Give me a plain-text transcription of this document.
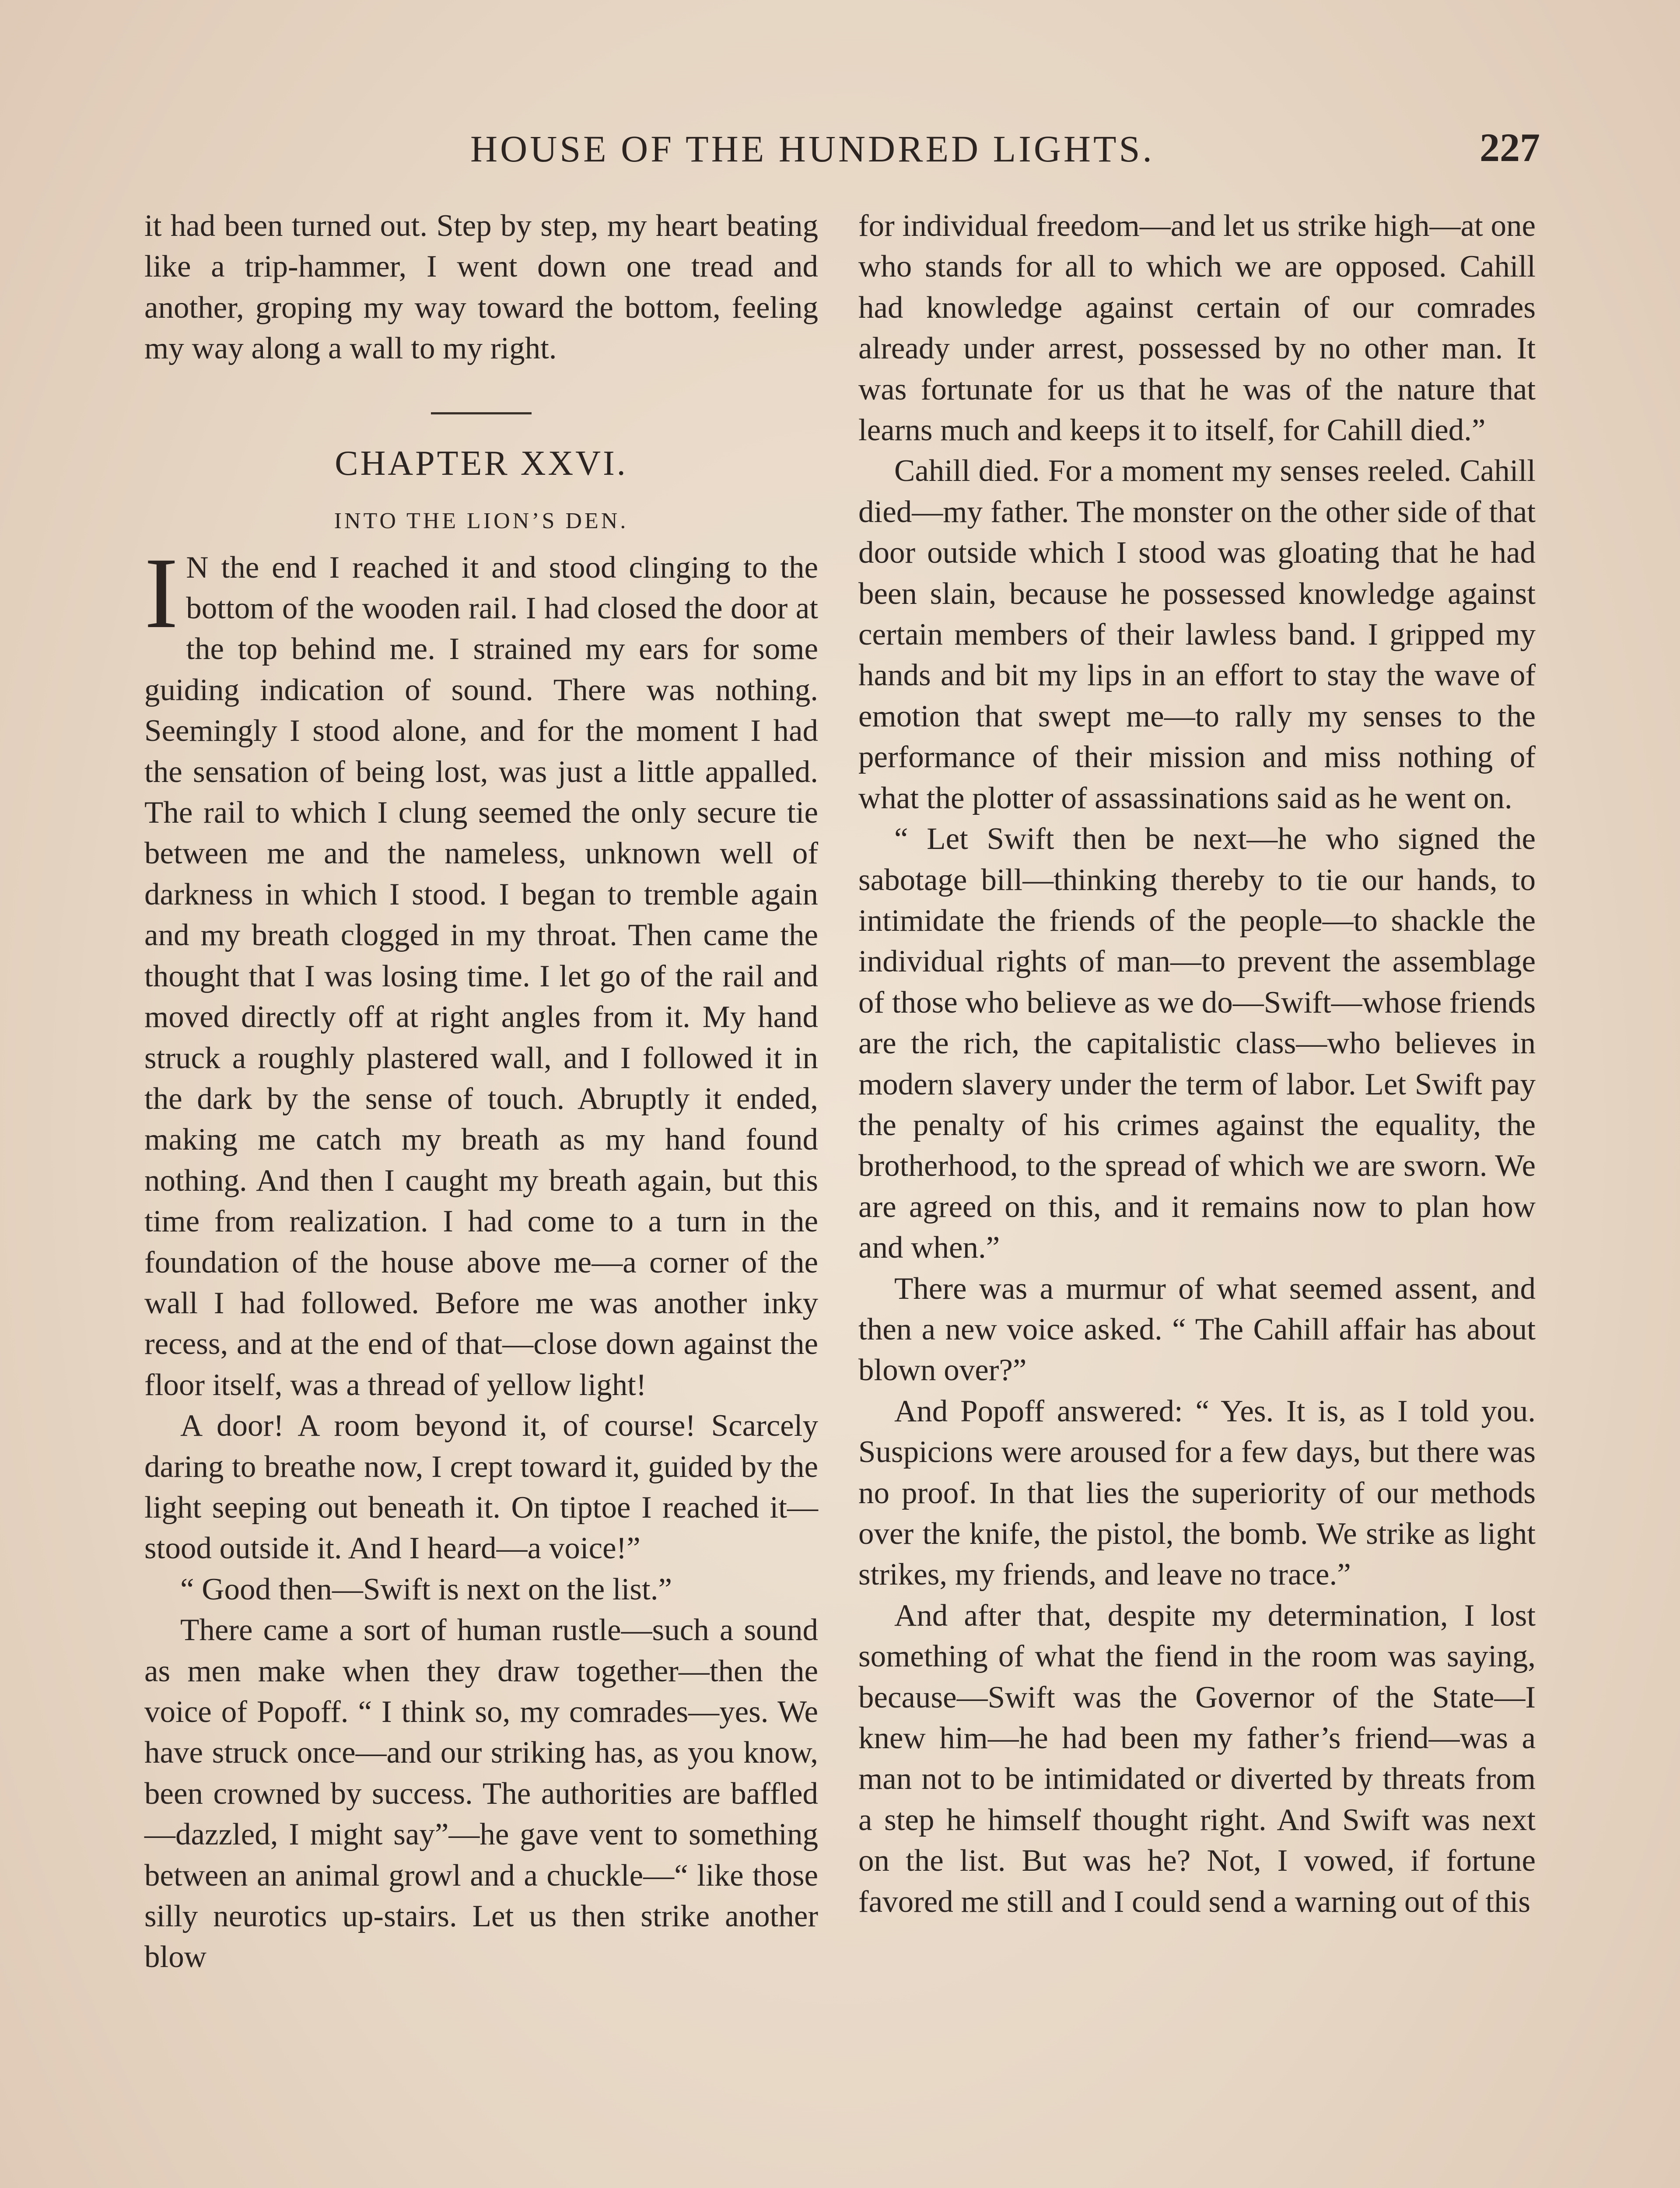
HOUSE OF THE HUNDRED LIGHTS.	227

it had been turned out. Step by step, my heart beating like a trip-hammer, I went down one tread and another, groping my way toward the bottom, feeling my way along a wall to my right.

CHAPTER XXVI.
INTO THE LION’S DEN.

I N the end I reached it and stood clinging to the bottom of the wooden rail. I had closed the door at the top behind me. I strained my ears for some guiding indication of sound. There was nothing. Seemingly I stood alone, and for the moment I had the sensation of being lost, was just a little appalled. The rail to which I clung seemed the only secure tie between me and the nameless, unknown well of darkness in which I stood. I began to tremble again and my breath clogged in my throat. Then came the thought that I was losing time. I let go of the rail and moved directly off at right angles from it. My hand struck a roughly plastered wall, and I followed it in the dark by the sense of touch. Abruptly it ended, making me catch my breath as my hand found nothing. And then I caught my breath again, but this time from realization. I had come to a turn in the foundation of the house above me—a corner of the wall I had followed. Before me was another inky recess, and at the end of that—close down against the floor itself, was a thread of yellow light!

A door! A room beyond it, of course! Scarcely daring to breathe now, I crept toward it, guided by the light seeping out beneath it. On tiptoe I reached it—stood outside it. And I heard—a voice!”

“ Good then—Swift is next on the list.”

There came a sort of human rustle—such a sound as men make when they draw together—then the voice of Popoff. “ I think so, my comrades—yes. We have struck once—and our striking has, as you know, been crowned by success. The authorities are baffled—dazzled, I might say”—he gave vent to something between an animal growl and a chuckle—“ like those silly neurotics up-stairs. Let us then strike another blow

for individual freedom—and let us strike high—at one who stands for all to which we are opposed. Cahill had knowledge against certain of our comrades already under arrest, possessed by no other man. It was fortunate for us that he was of the nature that learns much and keeps it to itself, for Cahill died.”

Cahill died. For a moment my senses reeled. Cahill died—my father. The monster on the other side of that door outside which I stood was gloating that he had been slain, because he possessed knowledge against certain members of their lawless band. I gripped my hands and bit my lips in an effort to stay the wave of emotion that swept me—to rally my senses to the performance of their mission and miss nothing of what the plotter of assassinations said as he went on.

“ Let Swift then be next—he who signed the sabotage bill—thinking thereby to tie our hands, to intimidate the friends of the people—to shackle the individual rights of man—to prevent the assemblage of those who believe as we do—Swift—whose friends are the rich, the capitalistic class—who believes in modern slavery under the term of labor. Let Swift pay the penalty of his crimes against the equality, the brotherhood, to the spread of which we are sworn. We are agreed on this, and it remains now to plan how and when.”

There was a murmur of what seemed assent, and then a new voice asked. “ The Cahill affair has about blown over?”

And Popoff answered: “ Yes. It is, as I told you. Suspicions were aroused for a few days, but there was no proof. In that lies the superiority of our methods over the knife, the pistol, the bomb. We strike as light strikes, my friends, and leave no trace.”

And after that, despite my determination, I lost something of what the fiend in the room was saying, because—Swift was the Governor of the State—I knew him—he had been my father’s friend—was a man not to be intimidated or diverted by threats from a step he himself thought right. And Swift was next on the list. But was he? Not, I vowed, if fortune favored me still and I could send a warning out of this
